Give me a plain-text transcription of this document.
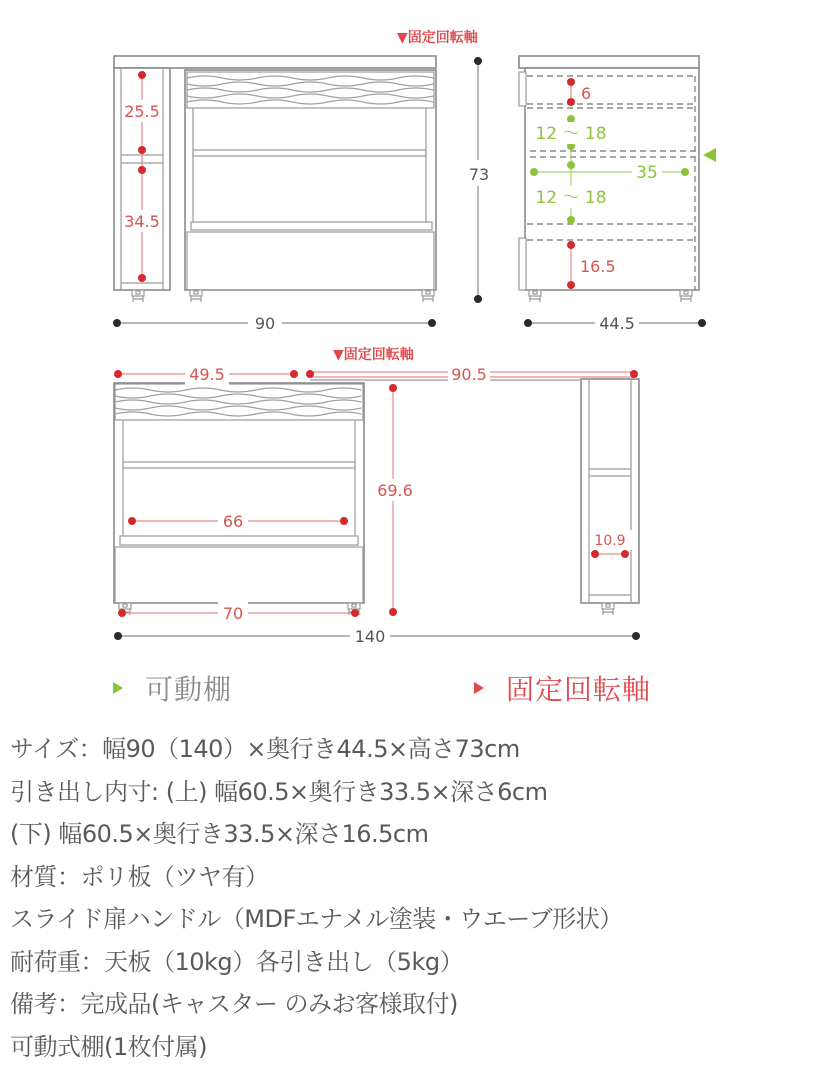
25.5
34.5
90
73
▼固定回転軸
6
12 〜 18
12 〜 18
35
16.5
44.5
49.5	90.5
69.6
66
70
10.9
140
▼固定回転軸
可動棚	固定回転軸
サイズ：幅90（140）×奥行き44.5×高さ73cm
引き出し内寸: (上) 幅60.5×奥行き33.5×深さ6cm
(下) 幅60.5×奥行き33.5×深さ16.5cm
材質：ポリ板（ツヤ有）
スライド扉ハンドル（MDFエナメル塗装・ウエーブ形状）
耐荷重：天板（10kg）各引き出し（5kg）
備考：完成品(キャスター のみお客様取付)
可動式棚(1枚付属)
